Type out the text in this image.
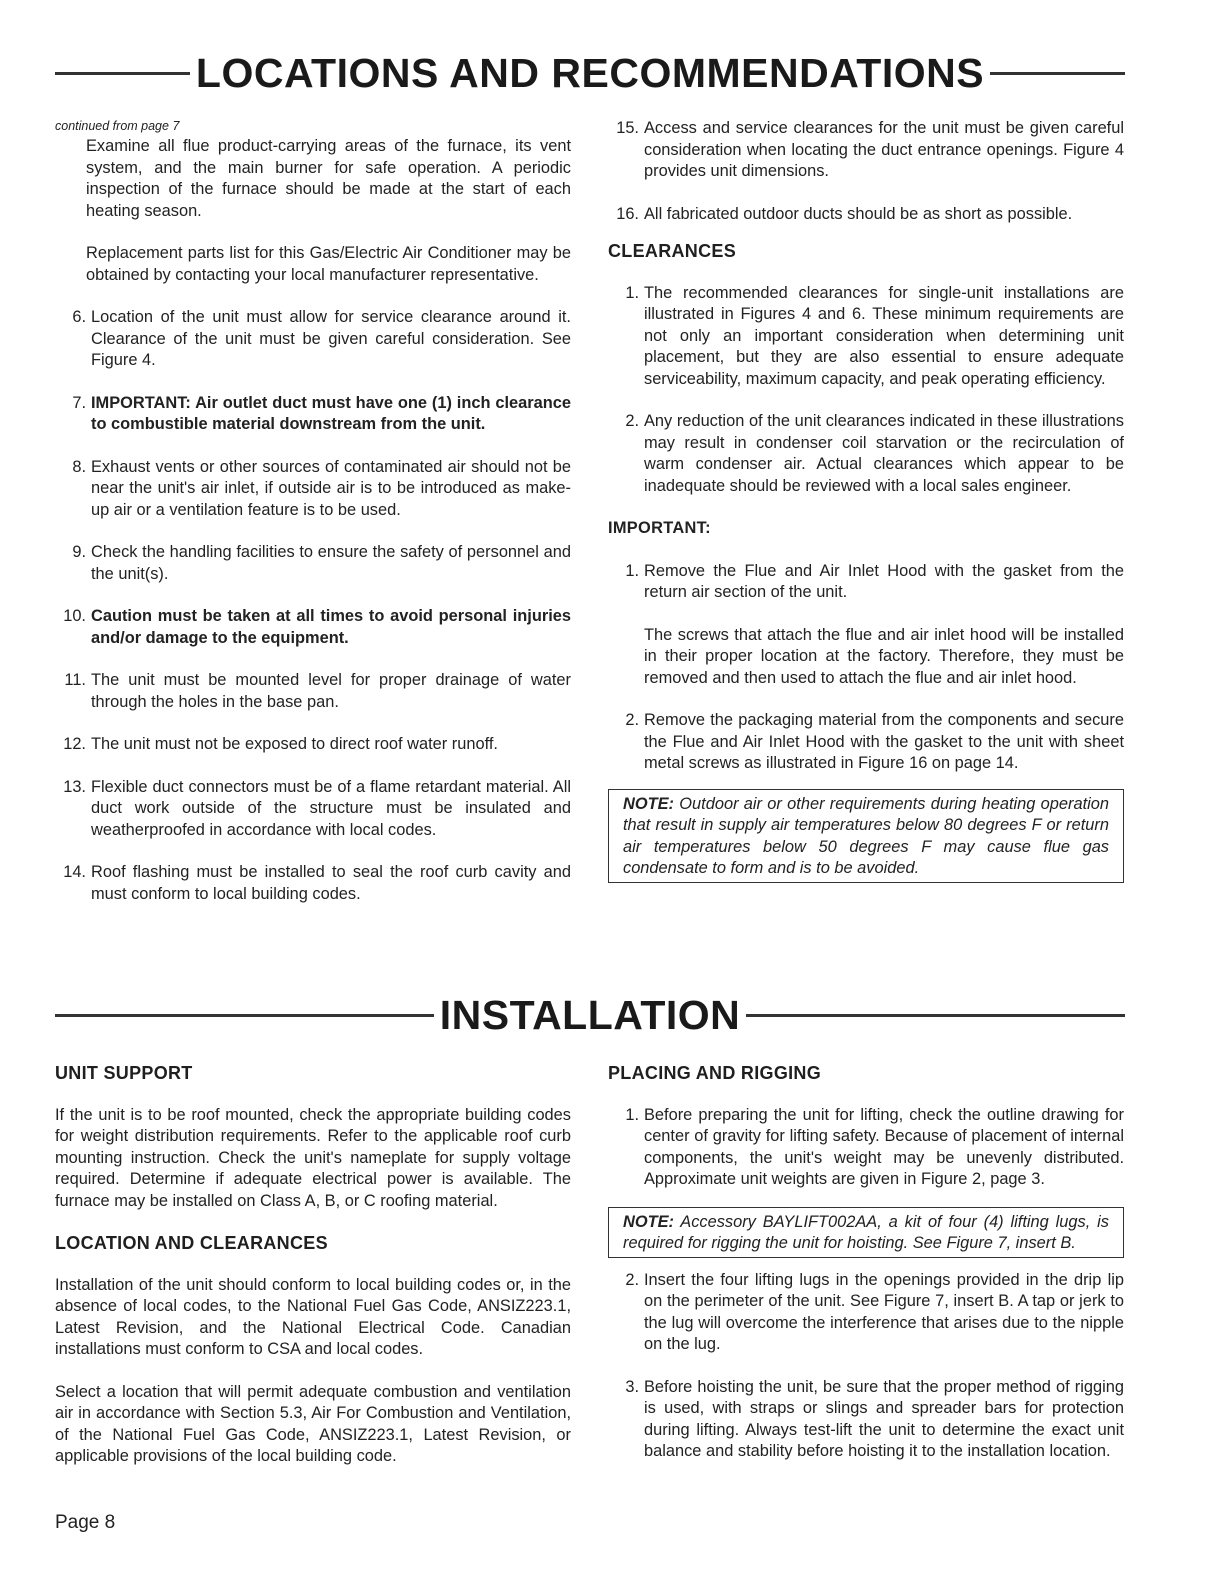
LOCATIONS AND RECOMMENDATIONS

continued from page 7

Examine all flue product-carrying areas of the furnace, its vent system, and the main burner for safe operation. A periodic inspection of the furnace should be made at the start of each heating season.

Replacement parts list for this Gas/Electric Air Conditioner may be obtained by contacting your local manufacturer representative.

6. Location of the unit must allow for service clearance around it. Clearance of the unit must be given careful consideration. See Figure 4.
7. IMPORTANT: Air outlet duct must have one (1) inch clearance to combustible material downstream from the unit.
8. Exhaust vents or other sources of contaminated air should not be near the unit's air inlet, if outside air is to be introduced as make-up air or a ventilation feature is to be used.
9. Check the handling facilities to ensure the safety of personnel and the unit(s).
10. Caution must be taken at all times to avoid personal injuries and/or damage to the equipment.
11. The unit must be mounted level for proper drainage of water through the holes in the base pan.
12. The unit must not be exposed to direct roof water runoff.
13. Flexible duct connectors must be of a flame retardant material. All duct work outside of the structure must be insulated and weatherproofed in accordance with local codes.
14. Roof flashing must be installed to seal the roof curb cavity and must conform to local building codes.
15. Access and service clearances for the unit must be given careful consideration when locating the duct entrance openings. Figure 4 provides unit dimensions.
16. All fabricated outdoor ducts should be as short as possible.

CLEARANCES

1. The recommended clearances for single-unit installations are illustrated in Figures 4 and 6. These minimum requirements are not only an important consideration when determining unit placement, but they are also essential to ensure adequate serviceability, maximum capacity, and peak operating efficiency.
2. Any reduction of the unit clearances indicated in these illustrations may result in condenser coil starvation or the recirculation of warm condenser air. Actual clearances which appear to be inadequate should be reviewed with a local sales engineer.

IMPORTANT:

1. Remove the Flue and Air Inlet Hood with the gasket from the return air section of the unit.

The screws that attach the flue and air inlet hood will be installed in their proper location at the factory. Therefore, they must be removed and then used to attach the flue and air inlet hood.

2. Remove the packaging material from the components and secure the Flue and Air Inlet Hood with the gasket to the unit with sheet metal screws as illustrated in Figure 16 on page 14.
NOTE: Outdoor air or other requirements during heating operation that result in supply air temperatures below 80 degrees F or return air temperatures below 50 degrees F may cause flue gas condensate to form and is to be avoided.
INSTALLATION

UNIT SUPPORT

If the unit is to be roof mounted, check the appropriate building codes for weight distribution requirements. Refer to the applicable roof curb mounting instruction. Check the unit's nameplate for supply voltage required. Determine if adequate electrical power is available. The furnace may be installed on Class A, B, or C roofing material.

LOCATION AND CLEARANCES

Installation of the unit should conform to local building codes or, in the absence of local codes, to the National Fuel Gas Code, ANSIZ223.1, Latest Revision, and the National Electrical Code. Canadian installations must conform to CSA and local codes.

Select a location that will permit adequate combustion and ventilation air in accordance with Section 5.3, Air For Combustion and Ventilation, of the National Fuel Gas Code, ANSIZ223.1, Latest Revision, or applicable provisions of the local building code.

PLACING AND RIGGING

1. Before preparing the unit for lifting, check the outline drawing for center of gravity for lifting safety. Because of placement of internal components, the unit's weight may be unevenly distributed. Approximate unit weights are given in Figure 2, page 3.
NOTE: Accessory BAYLIFT002AA, a kit of four (4) lifting lugs, is required for rigging the unit for hoisting. See Figure 7, insert B.
2. Insert the four lifting lugs in the openings provided in the drip lip on the perimeter of the unit. See Figure 7, insert B. A tap or jerk to the lug will overcome the interference that arises due to the nipple on the lug.
3. Before hoisting the unit, be sure that the proper method of rigging is used, with straps or slings and spreader bars for protection during lifting. Always test-lift the unit to determine the exact unit balance and stability before hoisting it to the installation location.
Page 8
